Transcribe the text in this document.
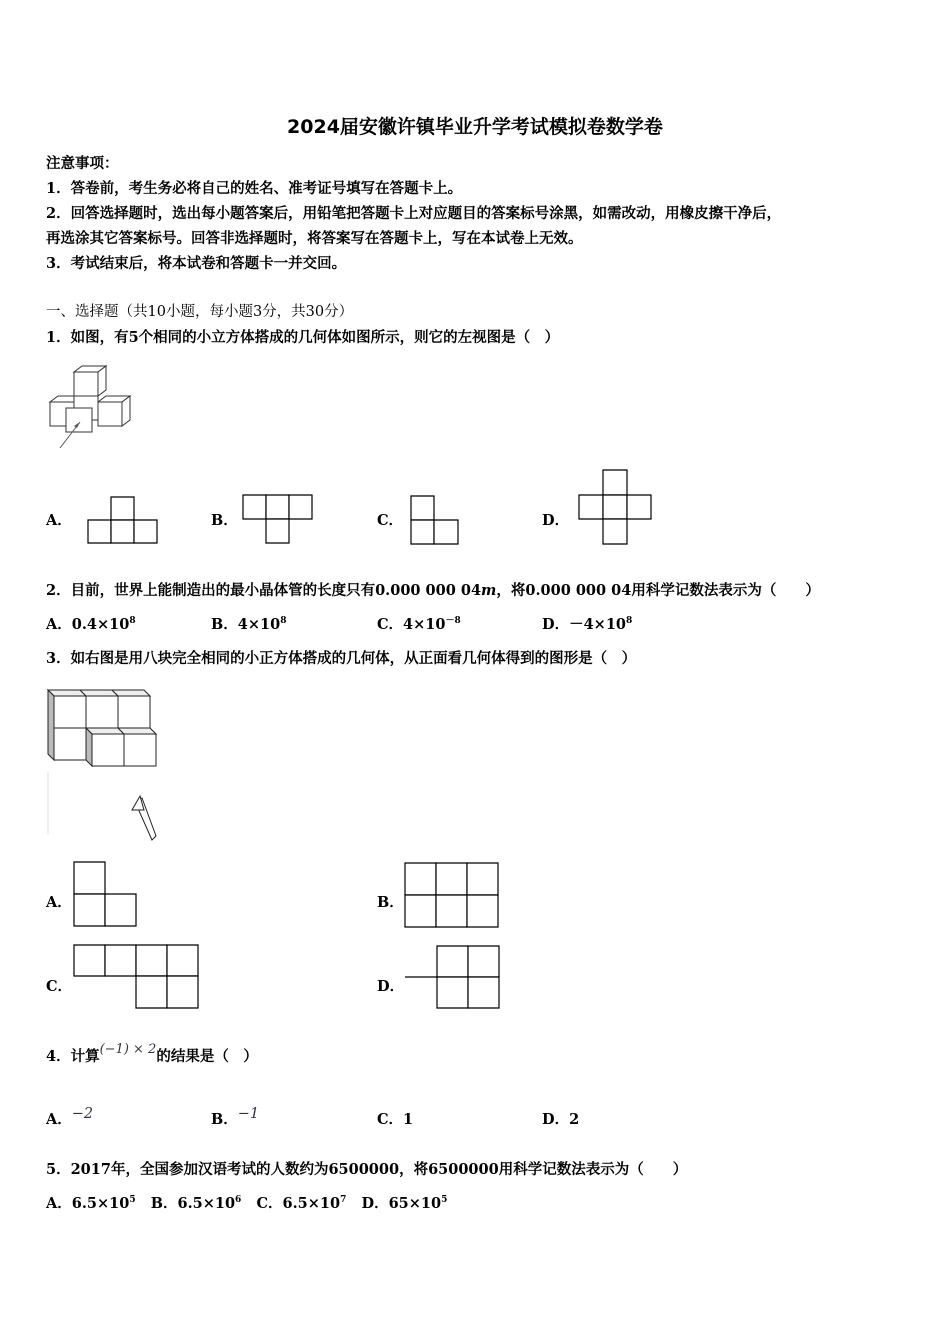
2024届安徽许镇毕业升学考试模拟卷数学卷
注意事项：
1．答卷前，考生务必将自己的姓名、准考证号填写在答题卡上。
2．回答选择题时，选出每小题答案后，用铅笔把答题卡上对应题目的答案标号涂黑，如需改动，用橡皮擦干净后，
再选涂其它答案标号。回答非选择题时，将答案写在答题卡上，写在本试卷上无效。
3．考试结束后，将本试卷和答题卡一并交回。
一、选择题（共10小题，每小题3分，共30分）
1．如图，有5个相同的小立方体搭成的几何体如图所示，则它的左视图是（　）
A．	B．	C．	D．
2．目前，世界上能制造出的最小晶体管的长度只有0.000 000 04m，将0.000 000 04用科学记数法表示为（　　）
A．$0.4\times 10^8$	B．$4\times 10^8$	C．$4\times 10^{-8}$	D．$-4\times 10^8$
3．如右图是用八块完全相同的小正方体搭成的几何体，从正面看几何体得到的图形是（　）
A．	B．
C．	D．
4．计算(−1) × 2的结果是（　）
A．−2	B．−1	C．1	D．2
5．2017年，全国参加汉语考试的人数约为6500000，将6500000用科学记数法表示为（　　）
A．$6.5\times 10^5$ B．$6.5\times 10^6$ C．$6.5\times 10^7$ D．$65\times 10^5$
